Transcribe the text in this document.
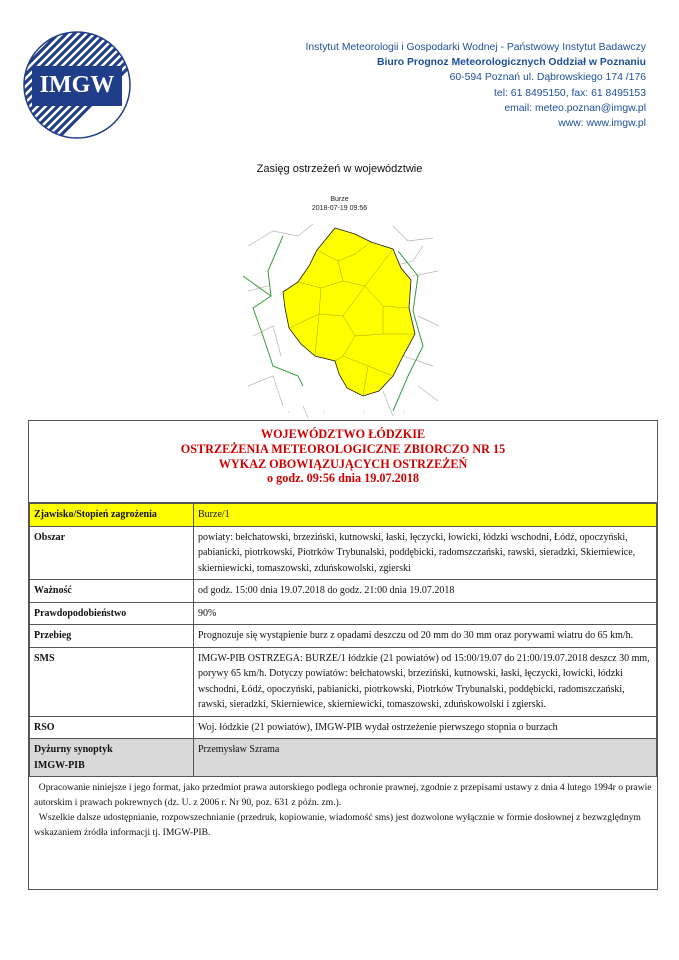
IMGW
Instytut Meteorologii i Gospodarki Wodnej - Państwowy Instytut Badawczy
Biuro Prognoz Meteorologicznych Oddział w Poznaniu
60-594 Poznań ul. Dąbrowskiego 174 /176
tel: 61 8495150, fax: 61 8495153
email: meteo.poznan@imgw.pl
www: www.imgw.pl
Zasięg ostrzeżeń w województwie
Burze
2018-07-19 09:56
°	°	°	°
WOJEWÓDZTWO ŁÓDZKIE
OSTRZEŻENIA METEOROLOGICZNE ZBIORCZO NR 15
WYKAZ OBOWIĄZUJĄCYCH OSTRZEŻEŃ
o godz. 09:56 dnia 19.07.2018
Zjawisko/Stopień zagrożenia	Burze/1
Obszar	powiaty: bełchatowski, brzeziński, kutnowski, łaski, łęczycki, łowicki, łódzki wschodni, Łódź, opoczyński, pabianicki, piotrkowski, Piotrków Trybunalski, poddębicki, radomszczański, rawski, sieradzki, Skierniewice, skierniewicki, tomaszowski, zduńskowolski, zgierski
Ważność	od godz. 15:00 dnia 19.07.2018 do godz. 21:00 dnia 19.07.2018
Prawdopodobieństwo	90%
Przebieg	Prognozuje się wystąpienie burz z opadami deszczu od 20 mm do 30 mm oraz porywami wiatru do 65 km/h.
SMS	IMGW-PIB OSTRZEGA: BURZE/1 łódzkie (21 powiatów) od 15:00/19.07 do 21:00/19.07.2018 deszcz 30 mm, porywy 65 km/h. Dotyczy powiatów: bełchatowski, brzeziński, kutnowski, łaski, łęczycki, łowicki, łódzki wschodni, Łódź, opoczyński, pabianicki, piotrkowski, Piotrków Trybunalski, poddębicki, radomszczański, rawski, sieradzki, Skierniewice, skierniewicki, tomaszowski, zduńskowolski i zgierski.
RSO	Woj. łódzkie (21 powiatów), IMGW-PIB wydał ostrzeżenie pierwszego stopnia o burzach

Dyżurny synoptyk
IMGW-PIB	Przemysław Szrama

Opracowanie niniejsze i jego format, jako przedmiot prawa autorskiego podlega ochronie prawnej, zgodnie z przepisami ustawy z dnia 4 lutego 1994r o prawie autorskim i prawach pokrewnych (dz. U. z 2006 r. Nr 90, poz. 631 z późn. zm.).

Wszelkie dalsze udostępnianie, rozpowszechnianie (przedruk, kopiowanie, wiadomość sms) jest dozwolone wyłącznie w formie dosłownej z bezwzględnym wskazaniem źródła informacji tj. IMGW-PIB.
